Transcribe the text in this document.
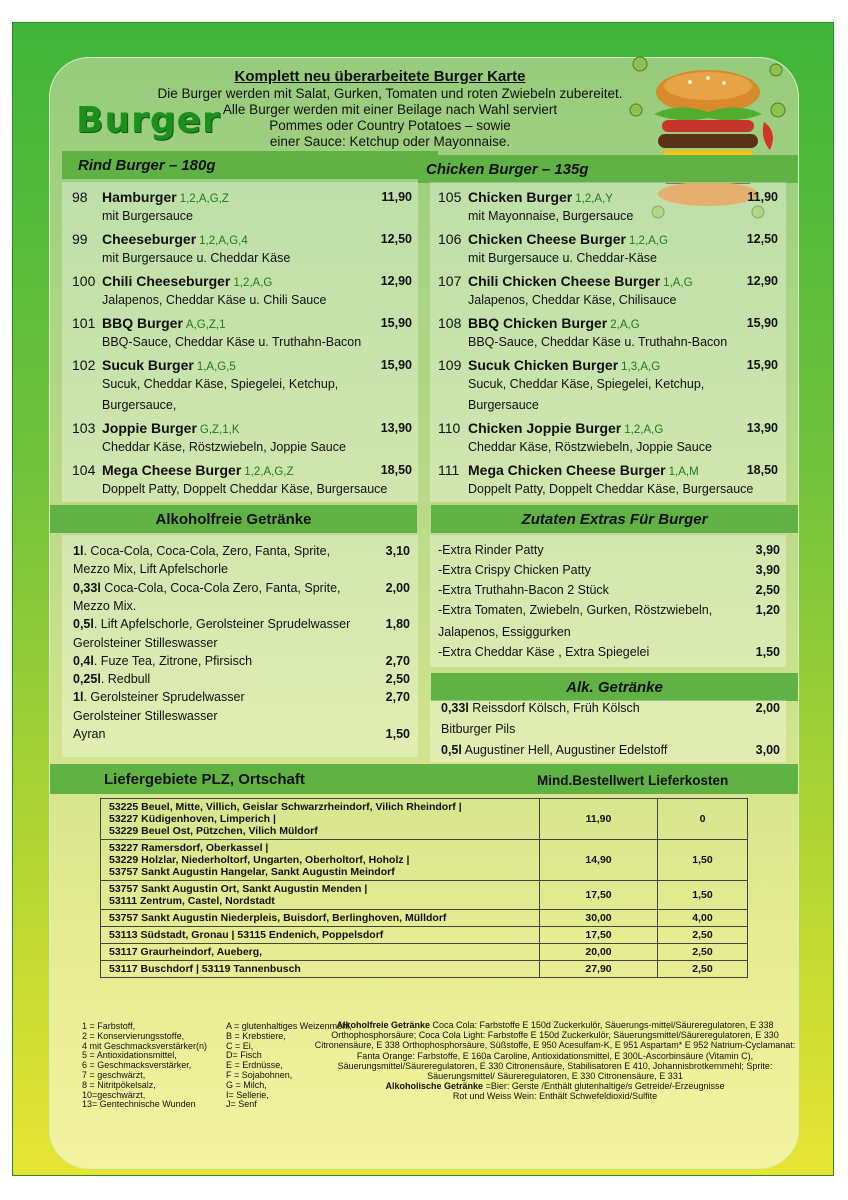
Burger
Komplett neu überarbeitete Burger Karte
Die Burger werden mit Salat, Gurken, Tomaten und roten Zwiebeln zubereitet.
Alle Burger werden mit einer Beilage nach Wahl serviert
Pommes oder Country Potatoes – sowie
einer Sauce: Ketchup oder Mayonnaise.
Rind Burger – 180g
98 Hamburger 1,2,A,G,Z	11,90
mit Burgersauce
99 Cheeseburger 1,2,A,G,4	12,50
mit Burgersauce u. Cheddar Käse
100 Chili Cheeseburger 1,2,A,G	12,90
Jalapenos, Cheddar Käse u. Chili Sauce
101 BBQ Burger A,G,Z,1	15,90
BBQ-Sauce, Cheddar Käse u. Truthahn-Bacon
102 Sucuk Burger 1,A,G,5	15,90
Sucuk, Cheddar Käse, Spiegelei, Ketchup,
Burgersauce,
103 Joppie Burger G,Z,1,K	13,90
Cheddar Käse, Röstzwiebeln, Joppie Sauce
104 Mega Cheese Burger 1,2,A,G,Z	18,50
Doppelt Patty, Doppelt Cheddar Käse, Burgersauce
Chicken Burger – 135g
105 Chicken Burger 1,2,A,Y	11,90
mit Mayonnaise, Burgersauce
106 Chicken Cheese Burger 1,2,A,G	12,50
mit Burgersauce u. Cheddar-Käse
107 Chili Chicken Cheese Burger 1,A,G	12,90
Jalapenos, Cheddar Käse, Chilisauce
108 BBQ Chicken Burger 2,A,G	15,90
BBQ-Sauce, Cheddar Käse u. Truthahn-Bacon
109 Sucuk Chicken Burger 1,3,A,G	15,90
Sucuk, Cheddar Käse, Spiegelei, Ketchup,
Burgersauce
110 Chicken Joppie Burger 1,2,A,G	13,90
Cheddar Käse, Röstzwiebeln, Joppie Sauce
111 Mega Chicken Cheese Burger 1,A,M	18,50
Doppelt Patty, Doppelt Cheddar Käse, Burgersauce
Alkoholfreie Getränke
1l. Coca-Cola, Coca-Cola, Zero, Fanta, Sprite,	3,10
Mezzo Mix, Lift Apfelschorle
0,33l Coca-Cola, Coca-Cola Zero, Fanta, Sprite,	2,00
Mezzo Mix.
0,5l. Lift Apfelschorle, Gerolsteiner Sprudelwasser	1,80
Gerolsteiner Stilleswasser
0,4l. Fuze Tea, Zitrone, Pfirsisch	2,70
0,25l. Redbull	2,50
1l. Gerolsteiner Sprudelwasser	2,70
Gerolsteiner Stilleswasser
Ayran	1,50
Zutaten Extras Für Burger
-Extra Rinder Patty	3,90
-Extra Crispy Chicken Patty	3,90
-Extra Truthahn-Bacon 2 Stück	2,50
-Extra Tomaten, Zwiebeln, Gurken, Röstzwiebeln,	1,20
Jalapenos, Essiggurken
-Extra Cheddar Käse , Extra Spiegelei	1,50
Alk. Getränke
0,33l Reissdorf Kölsch, Früh Kölsch	2,00
Bitburger Pils
0,5l Augustiner Hell, Augustiner Edelstoff	3,00
Liefergebiete PLZ, Ortschaft	Mind.Bestellwert Lieferkosten
53225 Beuel, Mitte, Villich, Geislar Schwarzrheindorf, Vilich Rheindorf |
53227 Küdigenhoven, Limperich |
53229 Beuel Ost, Pützchen, Vilich Müldorf	11,90	0
53227 Ramersdorf, Oberkassel |
53229 Holzlar, Niederholtorf, Ungarten, Oberholtorf, Hoholz |
53757 Sankt Augustin Hangelar, Sankt Augustin Meindorf	14,90	1,50
53757 Sankt Augustin Ort, Sankt Augustin Menden |
53111 Zentrum, Castel, Nordstadt	17,50	1,50
53757 Sankt Augustin Niederpleis, Buisdorf, Berlinghoven, Mülldorf	30,00	4,00
53113 Südstadt, Gronau | 53115 Endenich, Poppelsdorf	17,50	2,50
53117 Graurheindorf, Aueberg,	20,00	2,50
53117 Buschdorf | 53119 Tannenbusch	27,90	2,50
1 = Farbstoff,
2 = Konservierungsstoffe,
4 mit Geschmacksverstärker(n)
5 = Antioxidationsmittel,
6 = Geschmacksverstärker,
7 = geschwärzt,
8 = Nitritpökelsalz,
10=geschwärzt,
13= Gentechnische Wunden
A = glutenhaltiges Weizenmehl,
B = Krebstiere,
C = Ei,
D= Fisch
E = Erdnüsse,
F = Sojabohnen,
G = Milch,
I= Sellerie,
J= Senf
Alkoholfreie Getränke Coca Cola: Farbstoffe E 150d Zuckerkulör, Säuerungs-mittel/Säureregulatoren, E 338 Orthophosphorsäure; Coca Cola Light: Farbstoffe E 150d Zuckerkulör, Säuerungsmittel/Säureregulatoren, E 330 Citronensäure, E 338 Orthophosphorsäure, Süßstoffe, E 950 Acesulfam-K, E 951 Aspartam* E 952 Natrium-Cyclamanat: Fanta Orange: Farbstoffe, E 160a Caroline, Antioxidationsmittel, E 300L-Ascorbinsäure (Vitamin C), Säuerungsmittel/Säureregulatoren, E 330 Citronensäure, Stabilisatoren E 410, Johannisbrotkernmehl; Sprite: Säuerungsmittel/ Säureregulatoren, E 330 Citronensäure, E 331
Alkoholische Getränke =Bier: Gerste /Enthält glutenhaltige/s Getreide/-Erzeugnisse
Rot und Weiss Wein: Enthält Schwefeldioxid/Sulfite
